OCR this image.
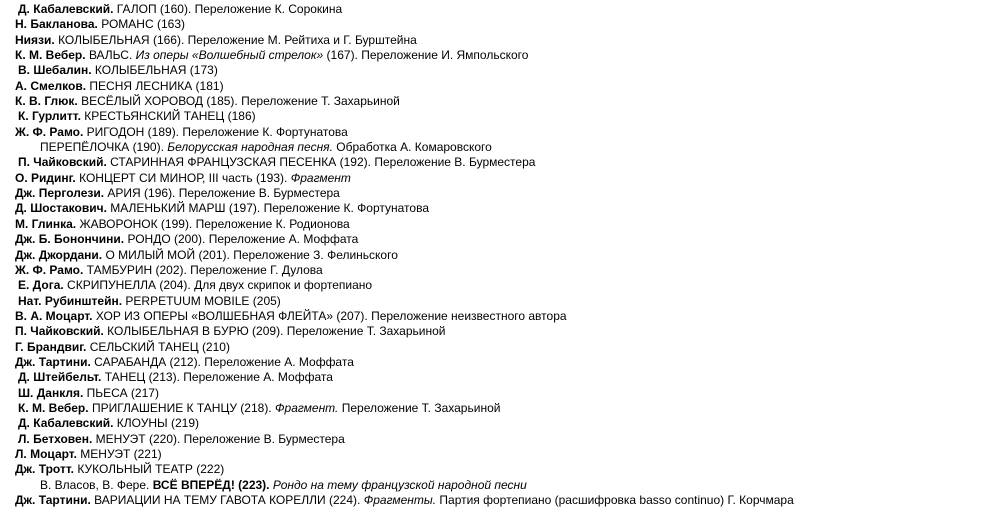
Д. Кабалевский. ГАЛОП (160). Переложение К. Сорокина
Н. Бакланова. РОМАНС (163)
Ниязи. КОЛЫБЕЛЬНАЯ (166). Переложение М. Рейтиха и Г. Бурштейна
К. М. Вебер. ВАЛЬС. Из оперы «Волшебный стрелок» (167). Переложение И. Ямпольского
В. Шебалин. КОЛЫБЕЛЬНАЯ (173)
А. Смелков. ПЕСНЯ ЛЕСНИКА (181)
К. В. Глюк. ВЕСЁЛЫЙ ХОРОВОД (185). Переложение Т. Захарьиной
К. Гурлитт. КРЕСТЬЯНСКИЙ ТАНЕЦ (186)
Ж. Ф. Рамо. РИГОДОН (189). Переложение К. Фортунатова
ПЕРЕПЁЛОЧКА (190). Белорусская народная песня. Обработка А. Комаровского
П. Чайковский. СТАРИННАЯ ФРАНЦУЗСКАЯ ПЕСЕНКА (192). Переложение В. Бурместера
О. Ридинг. КОНЦЕРТ СИ МИНОР, III часть (193). Фрагмент
Дж. Перголези. АРИЯ (196). Переложение В. Бурместера
Д. Шостакович. МАЛЕНЬКИЙ МАРШ (197). Переложение К. Фортунатова
М. Глинка. ЖАВОРОНОК (199). Переложение К. Родионова
Дж. Б. Бонончини. РОНДО (200). Переложение А. Моффата
Дж. Джордани. О МИЛЫЙ МОЙ (201). Переложение З. Фелиньского
Ж. Ф. Рамо. ТАМБУРИН (202). Переложение Г. Дулова
Е. Дога. СКРИПУНЕЛЛА (204). Для двух скрипок и фортепиано
Нат. Рубинштейн. PERPETUUM MOBILE (205)
В. А. Моцарт. ХОР ИЗ ОПЕРЫ «ВОЛШЕБНАЯ ФЛЕЙТА» (207). Переложение неизвестного автора
П. Чайковский. КОЛЫБЕЛЬНАЯ В БУРЮ (209). Переложение Т. Захарьиной
Г. Брандвиг. СЕЛЬСКИЙ ТАНЕЦ (210)
Дж. Тартини. САРАБАНДА (212). Переложение А. Моффата
Д. Штейбельт. ТАНЕЦ (213). Переложение А. Моффата
Ш. Данкля. ПЬЕСА (217)
К. М. Вебер. ПРИГЛАШЕНИЕ К ТАНЦУ (218). Фрагмент. Переложение Т. Захарьиной
Д. Кабалевский. КЛОУНЫ (219)
Л. Бетховен. МЕНУЭТ (220). Переложение В. Бурместера
Л. Моцарт. МЕНУЭТ (221)
Дж. Тротт. КУКОЛЬНЫЙ ТЕАТР (222)
В. Власов, В. Фере. ВСЁ ВПЕРЁД! (223). Рондо на тему французской народной песни
Дж. Тартини. ВАРИАЦИИ НА ТЕМУ ГАВОТА КОРЕЛЛИ (224). Фрагменты. Партия фортепиано (расшифровка basso continuo) Г. Корчмара
